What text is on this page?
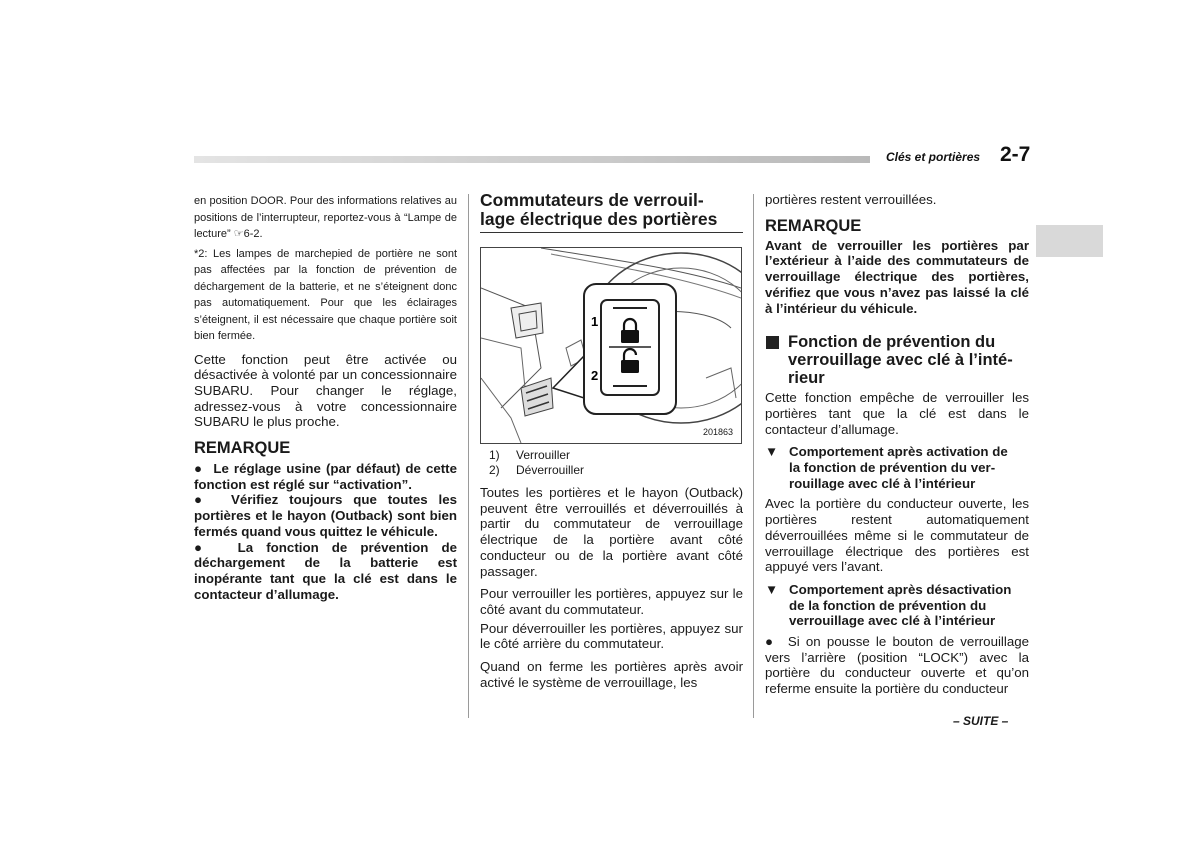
Clés et portières 2-7

en position DOOR. Pour des informations relatives au positions de l’interrupteur, reportez-vous à “Lampe de lecture” ☞6-2.

*2: Les lampes de marchepied de portière ne sont pas affectées par la fonction de prévention de déchargement de la batterie, et ne s’éteignent donc pas automatiquement. Pour que les éclairages s’éteignent, il est nécessaire que chaque portière soit bien fermée.

Cette fonction peut être activée ou désactivée à volonté par un concessionnaire SUBARU. Pour changer le réglage, adressez-vous à votre concessionnaire SUBARU le plus proche.

REMARQUE

●  Le réglage usine (par défaut) de cette fonction est réglé sur “activation”.

●  Vérifiez toujours que toutes les portières et le hayon (Outback) sont bien fermés quand vous quittez le véhicule.

●  La fonction de prévention de déchargement de la batterie est inopérante tant que la clé est dans le contacteur d’allumage.

Commutateurs de verrouil-
lage électrique des portières

1
2
201863

1) Verrouiller

2) Déverrouiller

Toutes les portières et le hayon (Outback) peuvent être verrouillés et déverrouillés à partir du commutateur de verrouillage électrique de la portière avant côté conducteur ou de la portière avant côté passager.

Pour verrouiller les portières, appuyez sur le côté avant du commutateur.

Pour déverrouiller les portières, appuyez sur le côté arrière du commutateur.

Quand on ferme les portières après avoir activé le système de verrouillage, les

portières restent verrouillées.

REMARQUE

Avant de verrouiller les portières par l’extérieur à l’aide des commutateurs de verrouillage électrique des portières, vérifiez que vous n’avez pas laissé la clé à l’intérieur du véhicule.

Fonction de prévention du
verrouillage avec clé à l’inté-
rieur

Cette fonction empêche de verrouiller les portières tant que la clé est dans le contacteur d’allumage.

▼ Comportement après activation de
la fonction de prévention du ver-
rouillage avec clé à l’intérieur

Avec la portière du conducteur ouverte, les portières restent automatiquement déverrouillées même si le commutateur de verrouillage électrique des portières est appuyé vers l’avant.

▼ Comportement après désactivation
de la fonction de prévention du
verrouillage avec clé à l’intérieur

●  Si on pousse le bouton de verrouillage vers l’arrière (position “LOCK”) avec la portière du conducteur ouverte et qu’on referme ensuite la portière du conducteur

– SUITE –
